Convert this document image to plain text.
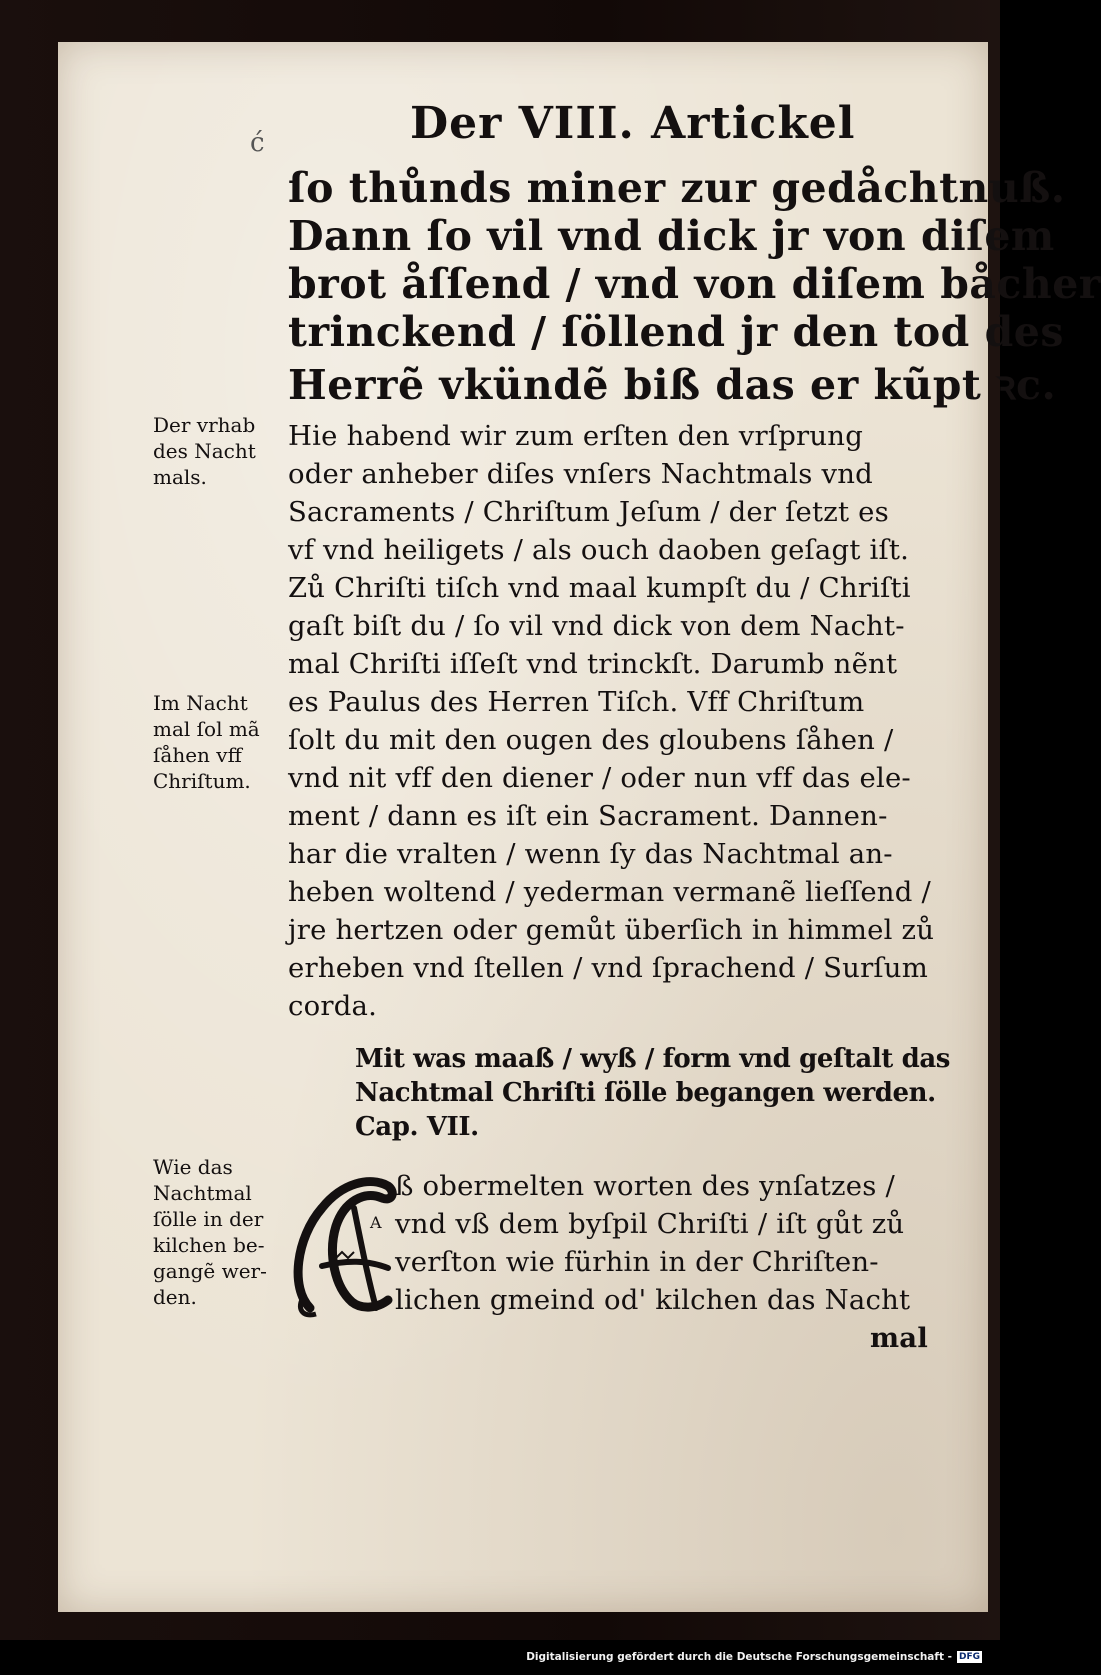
ć	Der VIII. Artickel
ſo thůnds miner zur gedåchtnuß.
Dann ſo vil vnd dick jr von diſem
brot åſſend / vnd von diſem båcher
trinckend / ſöllend jr den tod des
Herrẽ vkündẽ biß das er kũpt ꝛc.
Der vrhab
des Nacht
mals.
Hie habend wir zum erſten den vrſprung
oder anheber diſes vnſers Nachtmals vnd
Sacraments / Chriſtum Jeſum / der ſetzt es
vf vnd heiligets / als ouch daoben geſagt iſt.
Zů Chriſti tiſch vnd maal kumpſt du / Chriſti
gaſt biſt du / ſo vil vnd dick von dem Nacht-
mal Chriſti iſſeſt vnd trinckſt. Darumb nẽnt
es Paulus des Herren Tiſch. Vff Chriſtum
ſolt du mit den ougen des gloubens ſåhen /
vnd nit vff den diener / oder nun vff das ele-
ment / dann es iſt ein Sacrament. Dannen-
har die vralten / wenn ſy das Nachtmal an-
heben woltend / yederman vermanẽ lieſſend /
jre hertzen oder gemůt überſich in himmel zů
erheben vnd ſtellen / vnd ſprachend / Surſum
corda.
Im Nacht
mal ſol mã
ſåhen vff
Chriſtum.
Mit was maaß / wyß / form vnd geſtalt das
Nachtmal Chriſti ſölle begangen werden.
Cap. VII.
Wie das
Nachtmal
ſölle in der
kilchen be-
gangẽ wer-
den.
A
ß obermelten worten des ynſatzes /
vnd vß dem byſpil Chriſti / iſt gůt zů
verſton wie fürhin in der Chriſten-
lichen gmeind od' kilchen das Nacht
mal
Digitalisierung gefördert durch die Deutsche Forschungsgemeinschaft - DFG
